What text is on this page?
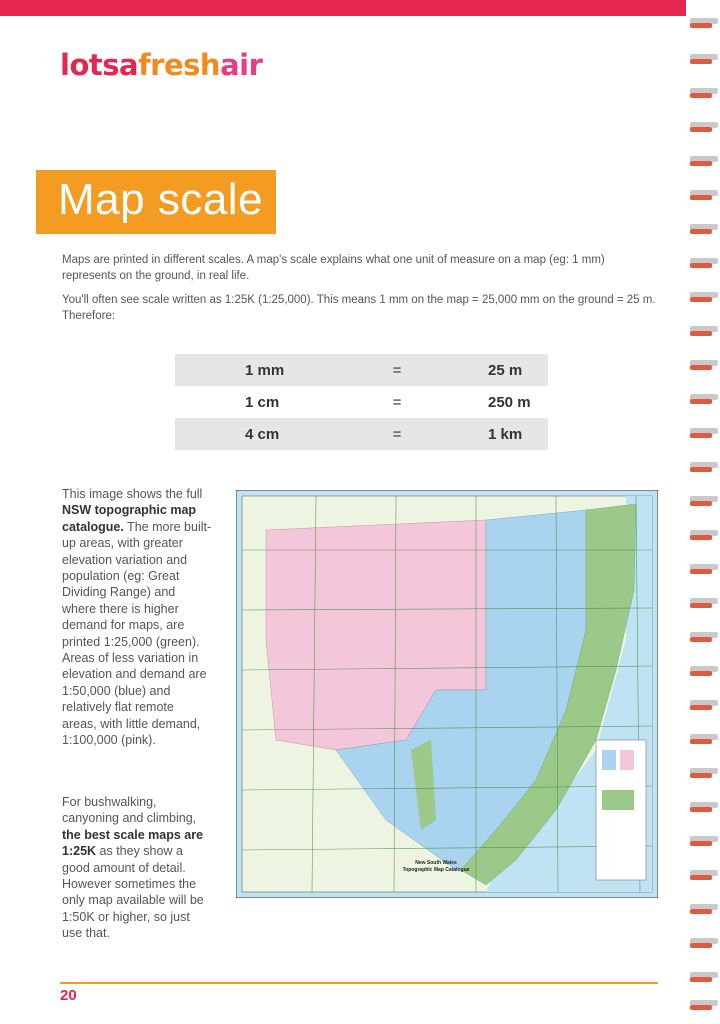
lotsafreshair
Map scale
Maps are printed in different scales. A map's scale explains what one unit of measure on a map (eg: 1 mm) represents on the ground, in real life.
You'll often see scale written as 1:25K (1:25,000). This means 1 mm on the map = 25,000 mm on the ground = 25 m. Therefore:
1 mm	=	25 m
1 cm	=	250 m
4 cm	=	1 km
This image shows the full NSW topographic map catalogue. The more built-up areas, with greater elevation variation and population (eg: Great Dividing Range) and where there is higher demand for maps, are printed 1:25,000 (green). Areas of less variation in elevation and demand are 1:50,000 (blue) and relatively flat remote areas, with little demand, 1:100,000 (pink).
For bushwalking, canyoning and climbing, the best scale maps are 1:25K as they show a good amount of detail. However sometimes the only map available will be 1:50K or higher, so just use that.
New South Wales
Topographic Map Catalogue
20
